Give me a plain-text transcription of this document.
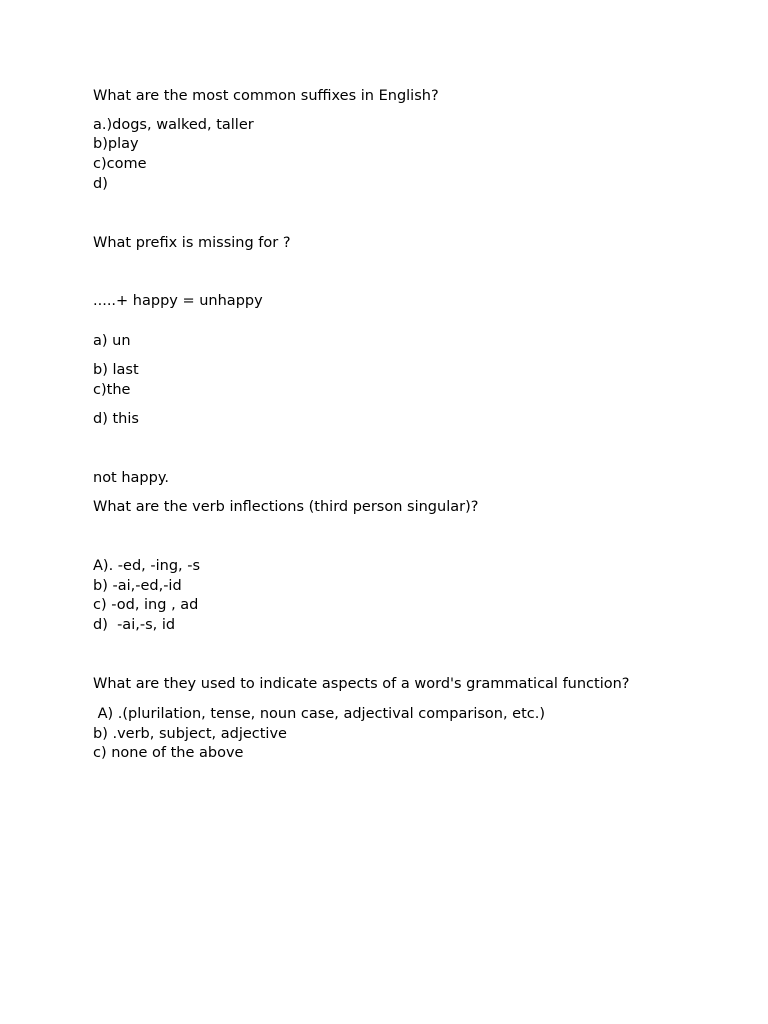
What are the most common suffixes in English?
a.)dogs, walked, taller
b)play
c)come
d)
What prefix is missing for ?
.....+ happy = unhappy
a) un
b) last
c)the
d) this
not happy.
What are the verb inflections (third person singular)?
A). -ed, -ing, -s
b) -ai,-ed,-id
c) -od, ing , ad
d)  -ai,-s, id
What are they used to indicate aspects of a word's grammatical function?
A) .(plurilation, tense, noun case, adjectival comparison, etc.)
b) .verb, subject, adjective
c) none of the above
